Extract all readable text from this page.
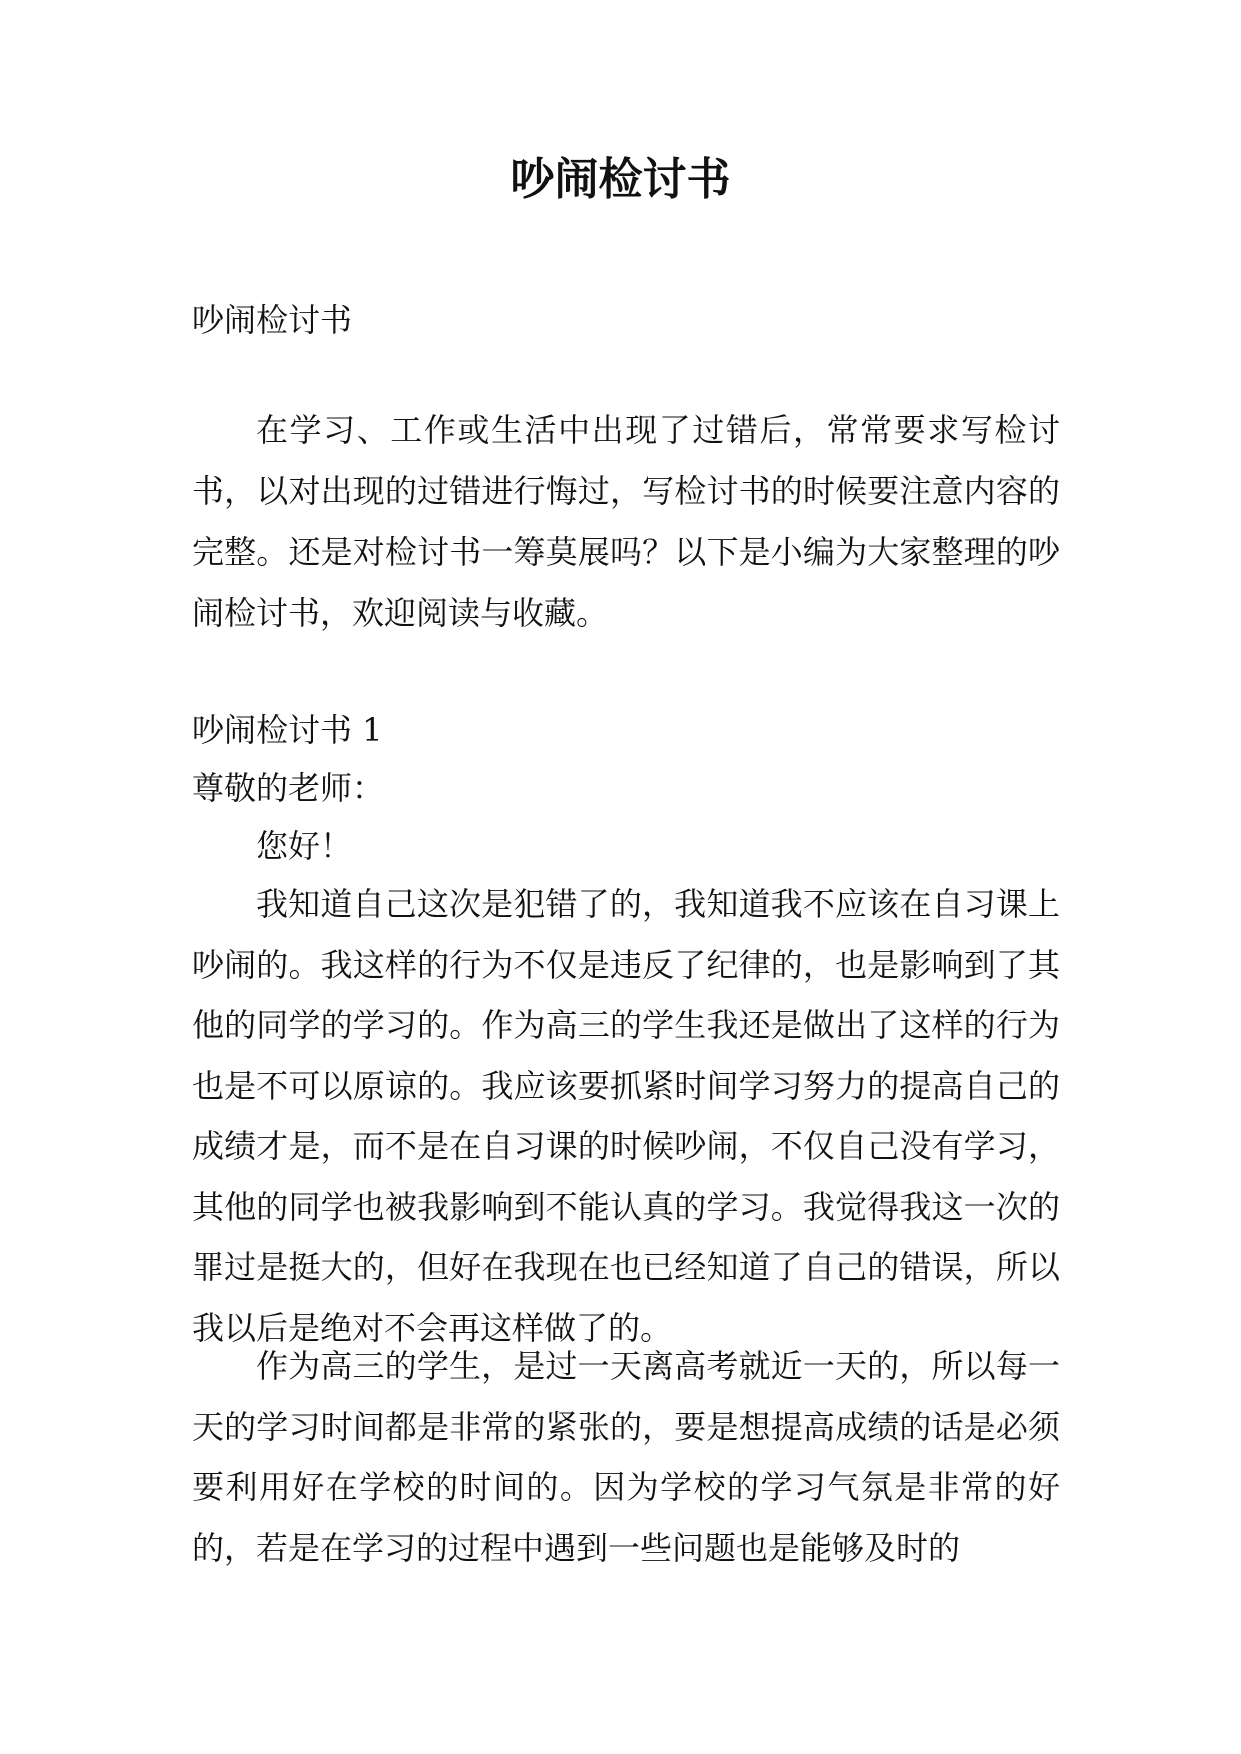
吵闹检讨书

吵闹检讨书

在学习、工作或生活中出现了过错后，常常要求写检讨书，以对出现的过错进行悔过，写检讨书的时候要注意内容的完整。还是对检讨书一筹莫展吗？以下是小编为大家整理的吵闹检讨书，欢迎阅读与收藏。

吵闹检讨书 1

尊敬的老师：

您好！

我知道自己这次是犯错了的，我知道我不应该在自习课上吵闹的。我这样的行为不仅是违反了纪律的，也是影响到了其他的同学的学习的。作为高三的学生我还是做出了这样的行为也是不可以原谅的。我应该要抓紧时间学习努力的提高自己的成绩才是，而不是在自习课的时候吵闹，不仅自己没有学习，其他的同学也被我影响到不能认真的学习。我觉得我这一次的罪过是挺大的，但好在我现在也已经知道了自己的错误，所以我以后是绝对不会再这样做了的。

作为高三的学生，是过一天离高考就近一天的，所以每一天的学习时间都是非常的紧张的，要是想提高成绩的话是必须要利用好在学校的时间的。因为学校的学习气氛是非常的好的，若是在学习的过程中遇到一些问题也是能够及时的
